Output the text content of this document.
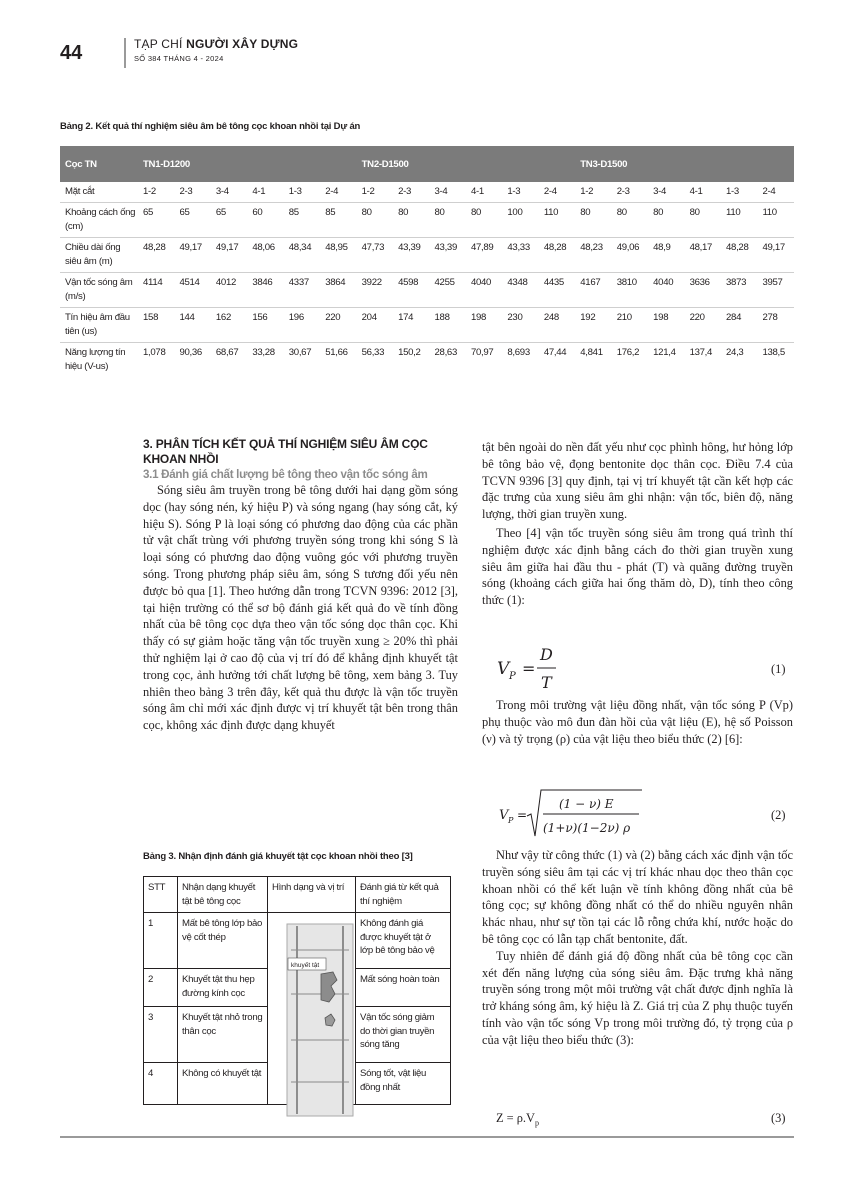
44	TẠP CHÍ NGƯỜI XÂY DỰNG
SỐ 384 THÁNG 4 - 2024
Bảng 2. Kết quả thí nghiệm siêu âm bê tông cọc khoan nhồi tại Dự án
Cọc TN	TN1-D1200						TN2-D1500						TN3-D1500					
Mặt cắt	1-2	2-3	3-4	4-1	1-3	2-4	1-2	2-3	3-4	4-1	1-3	2-4	1-2	2-3	3-4	4-1	1-3	2-4
Khoảng cách ống (cm)	65	65	65	60	85	85	80	80	80	80	100	110	80	80	80	80	110	110
Chiều dài ống siêu âm (m)	48,28	49,17	49,17	48,06	48,34	48,95	47,73	43,39	43,39	47,89	43,33	48,28	48,23	49,06	48,9	48,17	48,28	49,17
Vận tốc sóng âm (m/s)	4114	4514	4012	3846	4337	3864	3922	4598	4255	4040	4348	4435	4167	3810	4040	3636	3873	3957
Tín hiệu âm đầu tiên (us)	158	144	162	156	196	220	204	174	188	198	230	248	192	210	198	220	284	278
Năng lượng tín hiệu (V-us)	1,078	90,36	68,67	33,28	30,67	51,66	56,33	150,2	28,63	70,97	8,693	47,44	4,841	176,2	121,4	137,4	24,3	138,5
3. PHÂN TÍCH KẾT QUẢ THÍ NGHIỆM SIÊU ÂM CỌC KHOAN NHỒI
3.1 Đánh giá chất lượng bê tông theo vận tốc sóng âm

Sóng siêu âm truyền trong bê tông dưới hai dạng gồm sóng dọc (hay sóng nén, ký hiệu P) và sóng ngang (hay sóng cắt, ký hiệu S). Sóng P là loại sóng có phương dao động của các phần tử vật chất trùng với phương truyền sóng trong khi sóng S là loại sóng có phương dao động vuông góc với phương truyền sóng. Trong phương pháp siêu âm, sóng S tương đối yếu nên được bỏ qua [1]. Theo hướng dẫn trong TCVN 9396: 2012 [3], tại hiện trường có thể sơ bộ đánh giá kết quả đo về tính đồng nhất của bê tông cọc dựa theo vận tốc sóng dọc thân cọc. Khi thấy có sự giảm hoặc tăng vận tốc truyền xung ≥ 20% thì phải thử nghiệm lại ở cao độ của vị trí đó để khẳng định khuyết tật trong cọc, ảnh hưởng tới chất lượng bê tông, xem bảng 3. Tuy nhiên theo bảng 3 trên đây, kết quả thu được là vận tốc truyền sóng âm chỉ mới xác định được vị trí khuyết tật bên trong thân cọc, không xác định được dạng khuyết

Bảng 3. Nhận định đánh giá khuyết tật cọc khoan nhồi theo [3]
STT	Nhận dạng khuyết tật bê tông cọc	Hình dạng và vị trí	Đánh giá từ kết quả thí nghiệm
1	Mất bê tông lớp bảo vệ cốt thép		Không đánh giá được khuyết tật ở lớp bê tông bảo vệ
2	Khuyết tật thu hẹp đường kính cọc		Mất sóng hoàn toàn
3	Khuyết tật nhỏ trong thân cọc		Vận tốc sóng giảm do thời gian truyền sóng tăng
4	Không có khuyết tật		Sóng tốt, vật liệu đồng nhất
khuyết tật

tật bên ngoài do nền đất yếu như cọc phình hông, hư hỏng lớp bê tông bảo vệ, đọng bentonite dọc thân cọc. Điều 7.4 của TCVN 9396 [3] quy định, tại vị trí khuyết tật cần kết hợp các đặc trưng của xung siêu âm ghi nhận: vận tốc, biên độ, năng lượng, thời gian truyền xung.

Theo [4] vận tốc truyền sóng siêu âm trong quá trình thí nghiệm được xác định bằng cách đo thời gian truyền xung siêu âm giữa hai đầu thu - phát (T) và quãng đường truyền sóng (khoảng cách giữa hai ống thăm dò, D), tính theo công thức (1):

V P =
D
T
(1)

Trong môi trường vật liệu đồng nhất, vận tốc sóng P (Vp) phụ thuộc vào mô đun đàn hồi của vật liệu (E), hệ số Poisson (ν) và tỷ trọng (ρ) của vật liệu theo biểu thức (2) [6]:

V P =
(1 − ν) E
(1+ν)(1−2ν) ρ
(2)

Như vậy từ công thức (1) và (2) bằng cách xác định vận tốc truyền sóng siêu âm tại các vị trí khác nhau dọc theo thân cọc khoan nhồi có thể kết luận về tính không đồng nhất của bê tông cọc; sự không đồng nhất có thể do nhiều nguyên nhân khác nhau, như sự tồn tại các lỗ rỗng chứa khí, nước hoặc do bê tông cọc có lẫn tạp chất bentonite, đất.

Tuy nhiên để đánh giá độ đồng nhất của bê tông cọc cần xét đến năng lượng của sóng siêu âm. Đặc trưng khả năng truyền sóng trong một môi trường vật chất được định nghĩa là trở kháng sóng âm, ký hiệu là Z. Giá trị của Z phụ thuộc tuyến tính vào vận tốc sóng Vp trong môi trường đó, tỷ trọng của ρ của vật liệu theo biểu thức (3):

$Z = \rho.V_p$	(3)
